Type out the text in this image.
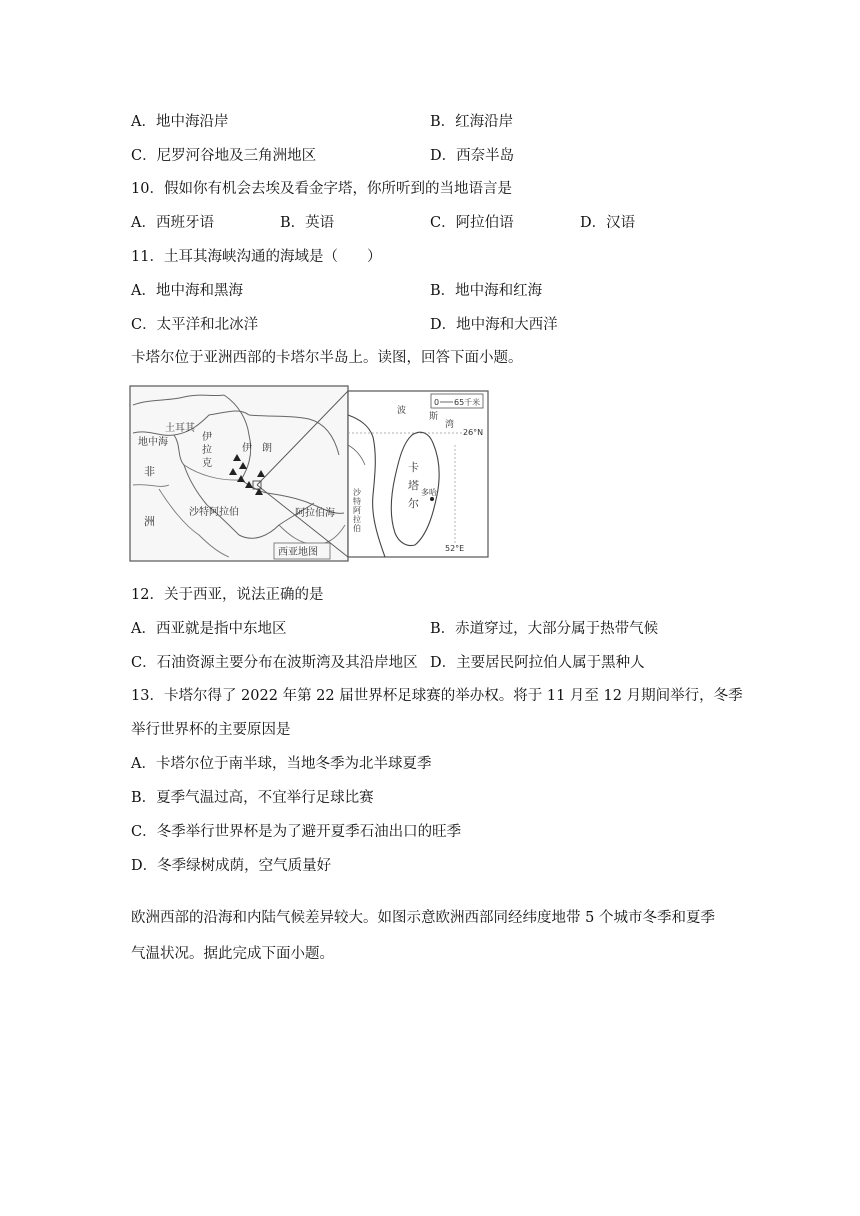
A．地中海沿岸	B．红海沿岸
C．尼罗河谷地及三角洲地区	D．西奈半岛
10．假如你有机会去埃及看金字塔，你所听到的当地语言是
A．西班牙语	B．英语	C．阿拉伯语	D．汉语
11．土耳其海峡沟通的海域是（　　）
A．地中海和黑海	B．地中海和红海
C．太平洋和北冰洋	D．地中海和大西洋
卡塔尔位于亚洲西部的卡塔尔半岛上。读图，回答下面小题。
土耳其
地中海	伊
拉
克
伊　朗
非
洲
沙特阿拉伯	阿拉伯海
西亚地图
0 65千米
26°N
52°E
波
斯
湾
卡
塔
尔
多哈
沙
特
阿
拉
伯
12．关于西亚，说法正确的是
A．西亚就是指中东地区	B．赤道穿过，大部分属于热带气候
C．石油资源主要分布在波斯湾及其沿岸地区 D．主要居民阿拉伯人属于黑种人
13．卡塔尔得了 2022 年第 22 届世界杯足球赛的举办权。将于 11 月至 12 月期间举行，冬季
举行世界杯的主要原因是
A．卡塔尔位于南半球，当地冬季为北半球夏季
B．夏季气温过高，不宜举行足球比赛
C．冬季举行世界杯是为了避开夏季石油出口的旺季
D．冬季绿树成荫，空气质量好
欧洲西部的沿海和内陆气候差异较大。如图示意欧洲西部同经纬度地带 5 个城市冬季和夏季
气温状况。据此完成下面小题。
